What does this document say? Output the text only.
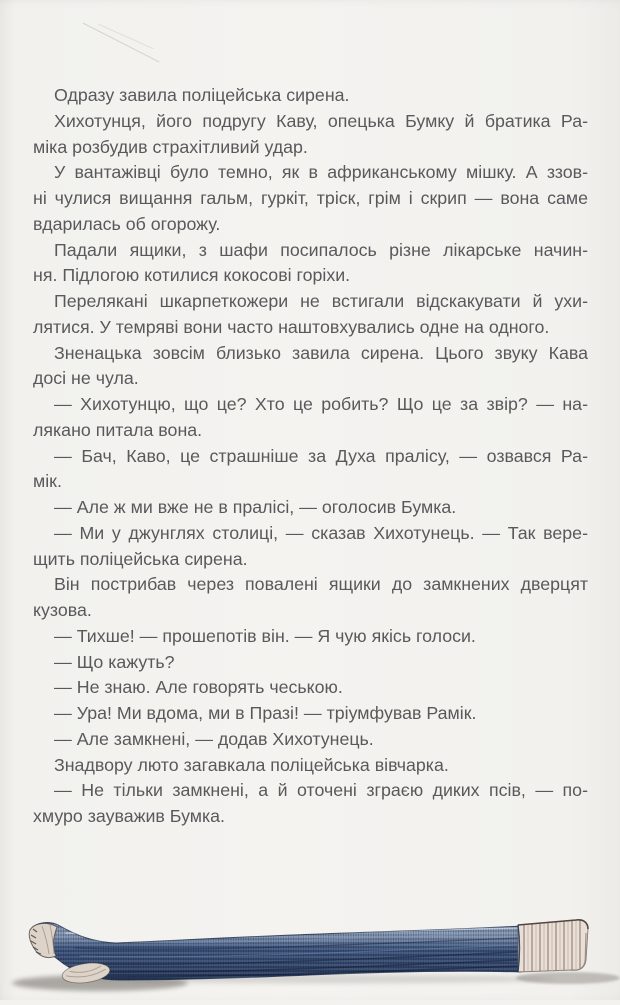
Одразу завила поліцейська сирена.
Хихотунця, його подругу Каву, опецька Бумку й братика Ра-
міка розбудив страхітливий удар.
У вантажівці було темно, як в африканському мішку. А ззов-
ні чулися вищання гальм, гуркіт, тріск, грім і скрип — вона саме
вдарилась об огорожу.
Падали ящики, з шафи посипалось різне лікарське начин-
ня. Підлогою котилися кокосові горіхи.
Перелякані шкарпеткожери не встигали відскакувати й ухи-
лятися. У темряві вони часто наштовхувались одне на одного.
Зненацька зовсім близько завила сирена. Цього звуку Кава
досі не чула.
— Хихотунцю, що це? Хто це робить? Що це за звір? — на-
лякано питала вона.
— Бач, Каво, це страшніше за Духа пралісу, — озвався Ра-
мік.
— Але ж ми вже не в пралісі, — оголосив Бумка.
— Ми у джунглях столиці, — сказав Хихотунець. — Так вере-
щить поліцейська сирена.
Він пострибав через повалені ящики до замкнених дверцят
кузова.
— Тихше! — прошепотів він. — Я чую якісь голоси.
— Що кажуть?
— Не знаю. Але говорять чеською.
— Ура! Ми вдома, ми в Празі! — тріумфував Рамік.
— Але замкнені, — додав Хихотунець.
Знадвору люто загавкала поліцейська вівчарка.
— Не тільки замкнені, а й оточені зграєю диких псів, — по-
хмуро зауважив Бумка.
